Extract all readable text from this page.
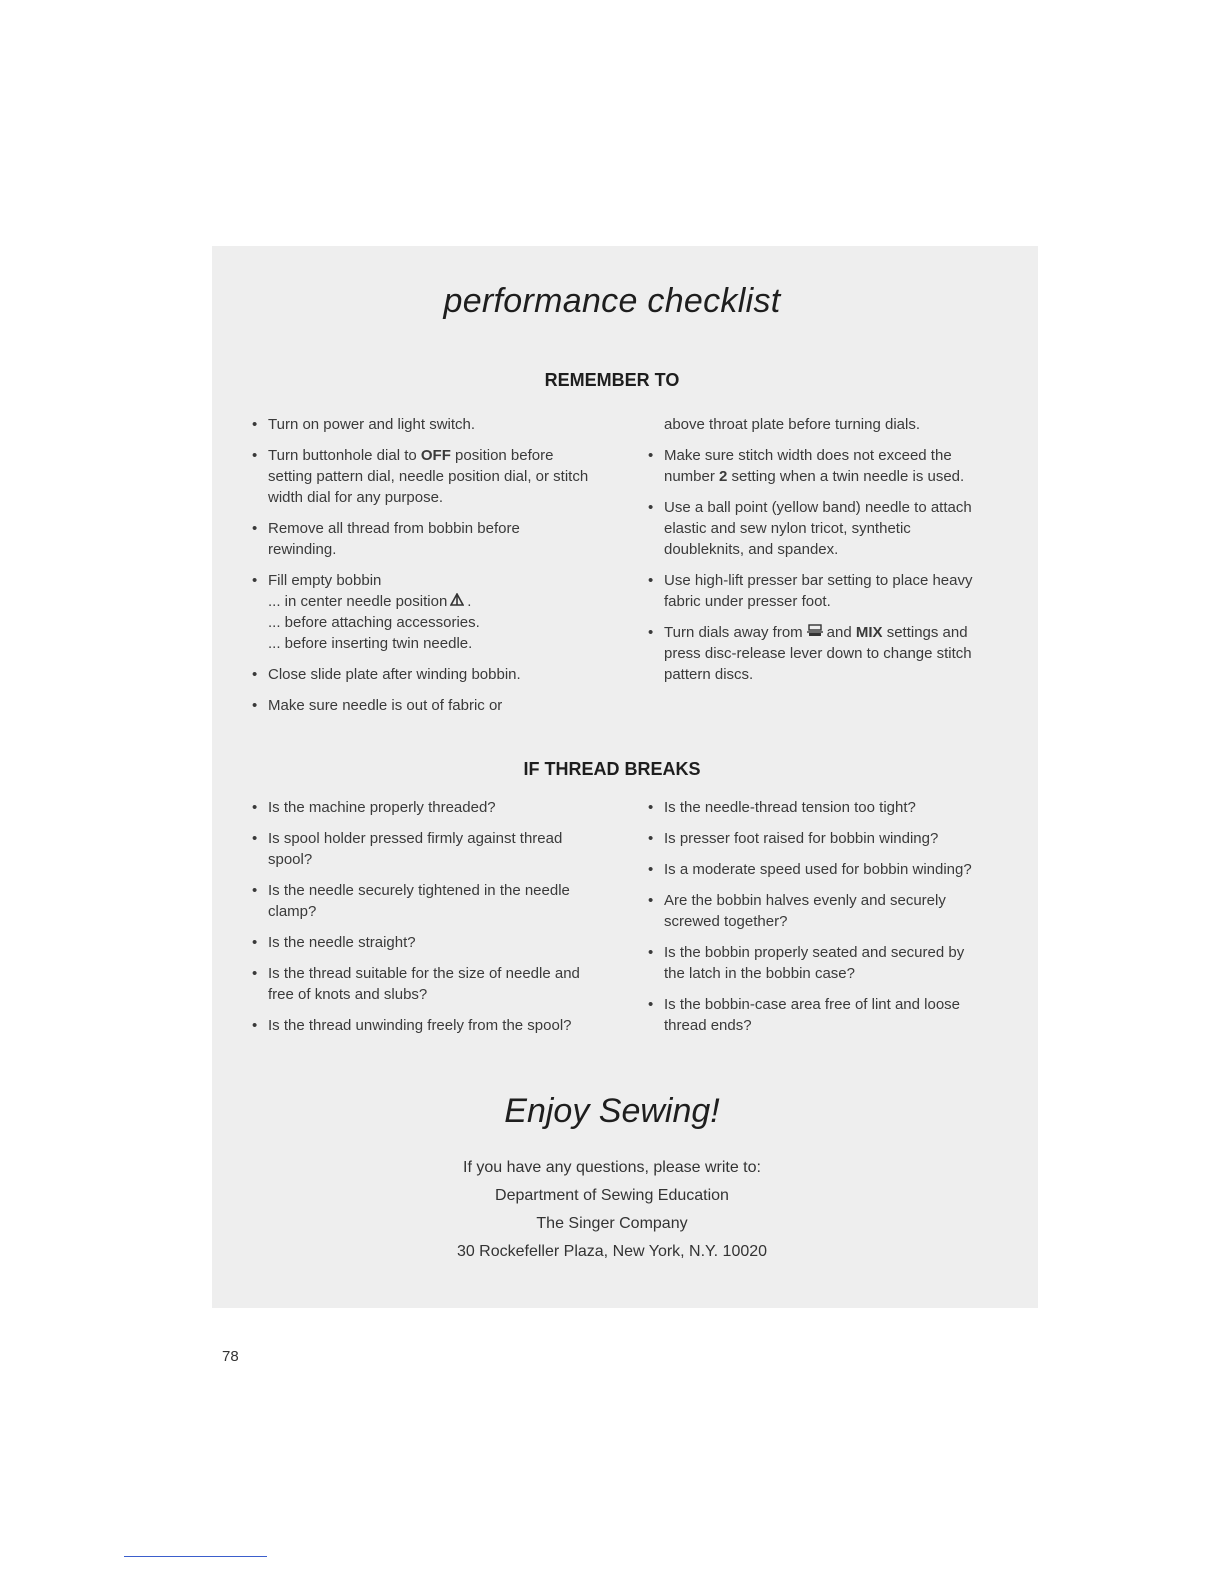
performance checklist
REMEMBER TO
• Turn on power and light switch.
• Turn buttonhole dial to OFF position before setting pattern dial, needle position dial, or stitch width dial for any purpose.
• Remove all thread from bobbin before rewinding.
• Fill empty bobbin
... in center needle position .
... before attaching accessories.
... before inserting twin needle.
• Close slide plate after winding bobbin.
• Make sure needle is out of fabric or
above throat plate before turning dials.
• Make sure stitch width does not exceed the number 2 setting when a twin needle is used.
• Use a ball point (yellow band) needle to attach elastic and sew nylon tricot, synthetic doubleknits, and spandex.
• Use high-lift presser bar setting to place heavy fabric under presser foot.
• Turn dials away from and MIX settings and press disc-release lever down to change stitch pattern discs.
IF THREAD BREAKS
• Is the machine properly threaded?
• Is spool holder pressed firmly against thread spool?
• Is the needle securely tightened in the needle clamp?
• Is the needle straight?
• Is the thread suitable for the size of needle and free of knots and slubs?
• Is the thread unwinding freely from the spool?
• Is the needle-thread tension too tight?
• Is presser foot raised for bobbin winding?
• Is a moderate speed used for bobbin winding?
• Are the bobbin halves evenly and securely screwed together?
• Is the bobbin properly seated and secured by the latch in the bobbin case?
• Is the bobbin-case area free of lint and loose thread ends?
Enjoy Sewing!
If you have any questions, please write to:
Department of Sewing Education
The Singer Company
30 Rockefeller Plaza, New York, N.Y. 10020
78
